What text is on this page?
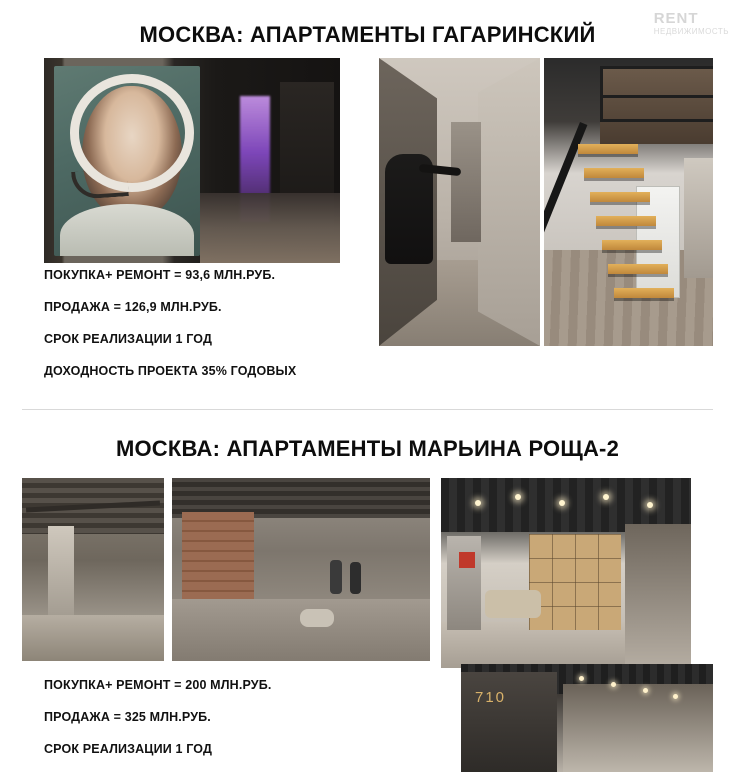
RENT
НЕДВИЖИМОСТЬ
МОСКВА: АПАРТАМЕНТЫ ГАГАРИНСКИЙ
ПОКУПКА+ РЕМОНТ = 93,6 МЛН.РУБ.
ПРОДАЖА = 126,9 МЛН.РУБ.
СРОК РЕАЛИЗАЦИИ 1 ГОД
ДОХОДНОСТЬ ПРОЕКТА 35% ГОДОВЫХ
МОСКВА: АПАРТАМЕНТЫ МАРЬИНА РОЩА-2
ПОКУПКА+ РЕМОНТ = 200 МЛН.РУБ.
ПРОДАЖА = 325 МЛН.РУБ.
СРОК РЕАЛИЗАЦИИ 1 ГОД
710
